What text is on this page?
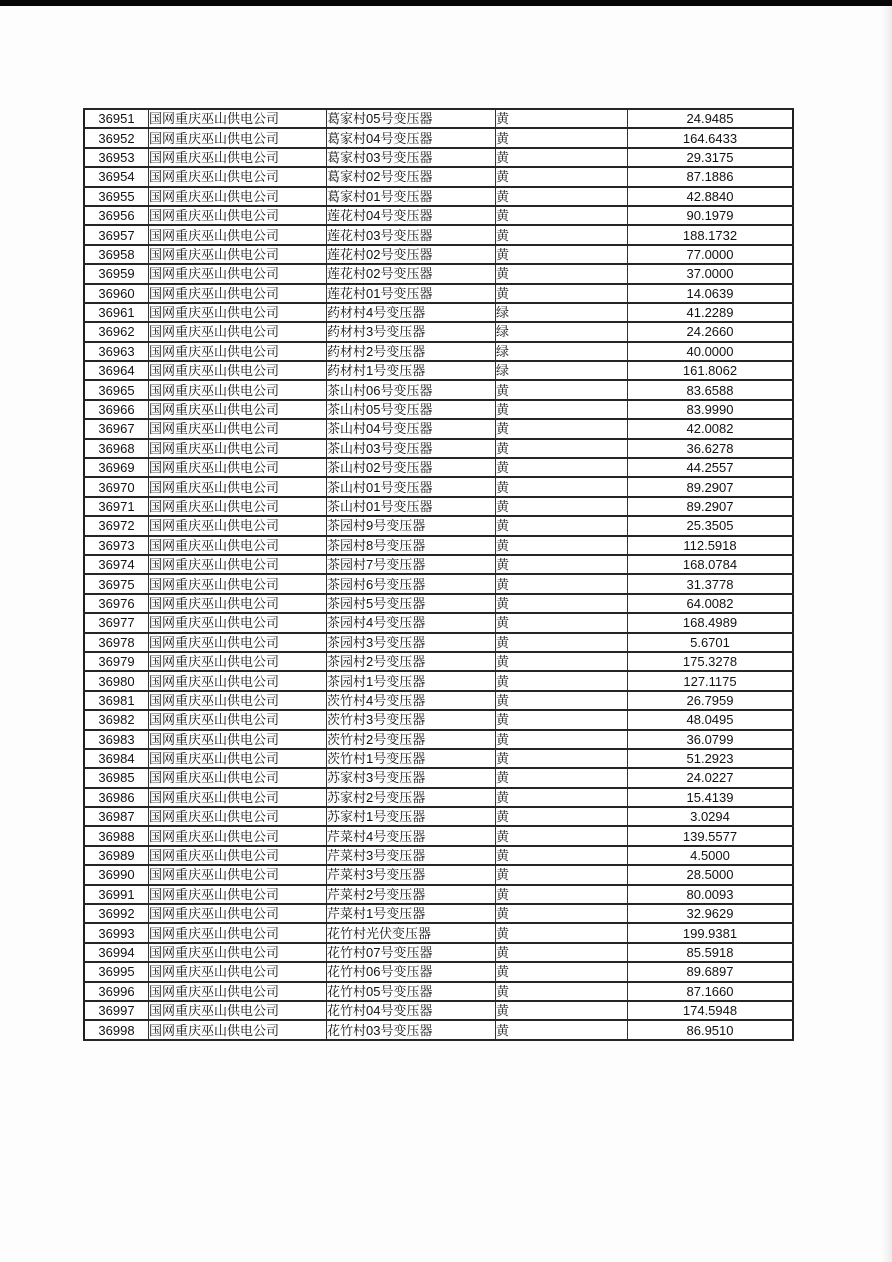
36951	国网重庆巫山供电公司	葛家村05号变压器	黄	24.9485
36952	国网重庆巫山供电公司	葛家村04号变压器	黄	164.6433
36953	国网重庆巫山供电公司	葛家村03号变压器	黄	29.3175
36954	国网重庆巫山供电公司	葛家村02号变压器	黄	87.1886
36955	国网重庆巫山供电公司	葛家村01号变压器	黄	42.8840
36956	国网重庆巫山供电公司	莲花村04号变压器	黄	90.1979
36957	国网重庆巫山供电公司	莲花村03号变压器	黄	188.1732
36958	国网重庆巫山供电公司	莲花村02号变压器	黄	77.0000
36959	国网重庆巫山供电公司	莲花村02号变压器	黄	37.0000
36960	国网重庆巫山供电公司	莲花村01号变压器	黄	14.0639
36961	国网重庆巫山供电公司	药材村4号变压器	绿	41.2289
36962	国网重庆巫山供电公司	药材村3号变压器	绿	24.2660
36963	国网重庆巫山供电公司	药材村2号变压器	绿	40.0000
36964	国网重庆巫山供电公司	药材村1号变压器	绿	161.8062
36965	国网重庆巫山供电公司	茶山村06号变压器	黄	83.6588
36966	国网重庆巫山供电公司	茶山村05号变压器	黄	83.9990
36967	国网重庆巫山供电公司	茶山村04号变压器	黄	42.0082
36968	国网重庆巫山供电公司	茶山村03号变压器	黄	36.6278
36969	国网重庆巫山供电公司	茶山村02号变压器	黄	44.2557
36970	国网重庆巫山供电公司	茶山村01号变压器	黄	89.2907
36971	国网重庆巫山供电公司	茶山村01号变压器	黄	89.2907
36972	国网重庆巫山供电公司	茶园村9号变压器	黄	25.3505
36973	国网重庆巫山供电公司	茶园村8号变压器	黄	112.5918
36974	国网重庆巫山供电公司	茶园村7号变压器	黄	168.0784
36975	国网重庆巫山供电公司	茶园村6号变压器	黄	31.3778
36976	国网重庆巫山供电公司	茶园村5号变压器	黄	64.0082
36977	国网重庆巫山供电公司	茶园村4号变压器	黄	168.4989
36978	国网重庆巫山供电公司	茶园村3号变压器	黄	5.6701
36979	国网重庆巫山供电公司	茶园村2号变压器	黄	175.3278
36980	国网重庆巫山供电公司	茶园村1号变压器	黄	127.1175
36981	国网重庆巫山供电公司	茨竹村4号变压器	黄	26.7959
36982	国网重庆巫山供电公司	茨竹村3号变压器	黄	48.0495
36983	国网重庆巫山供电公司	茨竹村2号变压器	黄	36.0799
36984	国网重庆巫山供电公司	茨竹村1号变压器	黄	51.2923
36985	国网重庆巫山供电公司	苏家村3号变压器	黄	24.0227
36986	国网重庆巫山供电公司	苏家村2号变压器	黄	15.4139
36987	国网重庆巫山供电公司	苏家村1号变压器	黄	3.0294
36988	国网重庆巫山供电公司	芹菜村4号变压器	黄	139.5577
36989	国网重庆巫山供电公司	芹菜村3号变压器	黄	4.5000
36990	国网重庆巫山供电公司	芹菜村3号变压器	黄	28.5000
36991	国网重庆巫山供电公司	芹菜村2号变压器	黄	80.0093
36992	国网重庆巫山供电公司	芹菜村1号变压器	黄	32.9629
36993	国网重庆巫山供电公司	花竹村光伏变压器	黄	199.9381
36994	国网重庆巫山供电公司	花竹村07号变压器	黄	85.5918
36995	国网重庆巫山供电公司	花竹村06号变压器	黄	89.6897
36996	国网重庆巫山供电公司	花竹村05号变压器	黄	87.1660
36997	国网重庆巫山供电公司	花竹村04号变压器	黄	174.5948
36998	国网重庆巫山供电公司	花竹村03号变压器	黄	86.9510
